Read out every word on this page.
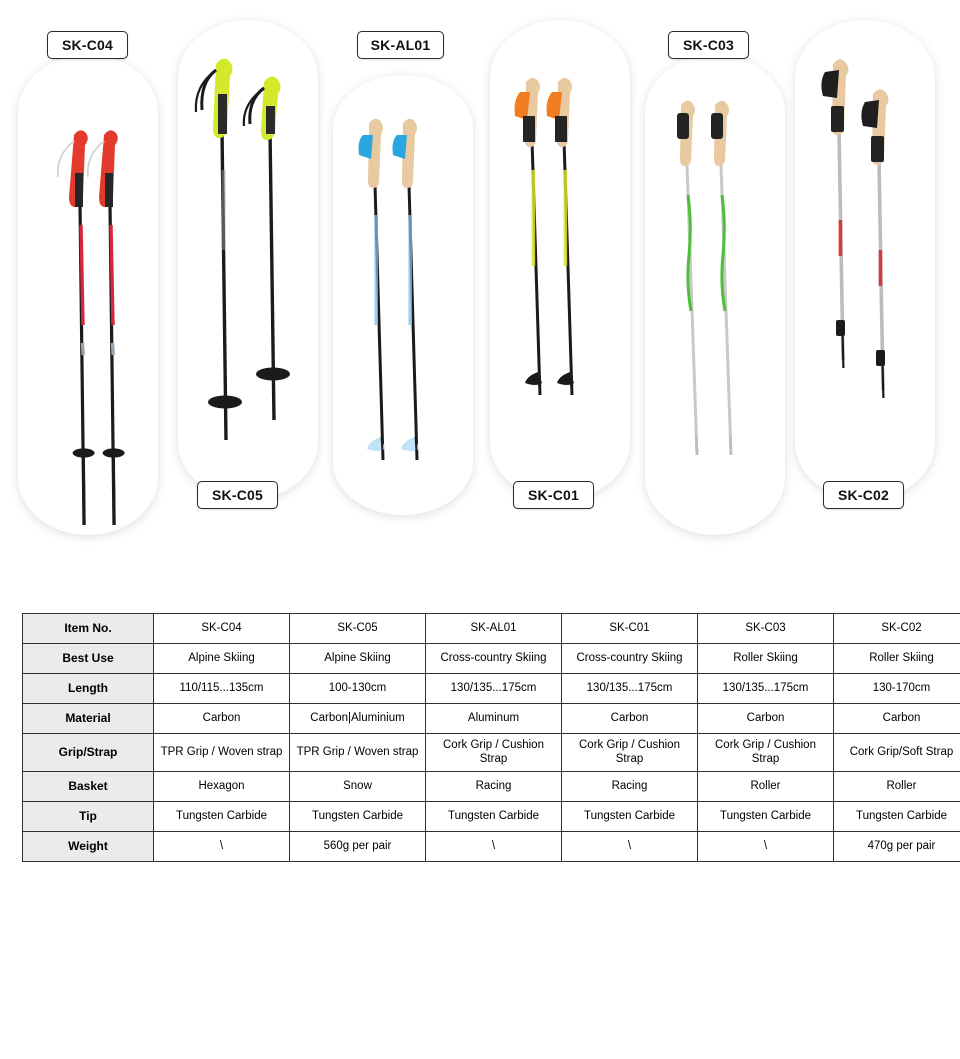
SK-C04
SK-C05
SK-AL01
SK-C01
SK-C03
SK-C02
Item No.	SK-C04	SK-C05	SK-AL01	SK-C01	SK-C03	SK-C02
Best Use	Alpine Skiing	Alpine Skiing	Cross-country Skiing	Cross-country Skiing	Roller Skiing	Roller Skiing
Length	110/115...135cm	100-130cm	130/135...175cm	130/135...175cm	130/135...175cm	130-170cm
Material	Carbon	Carbon|Aluminium	Aluminum	Carbon	Carbon	Carbon
Grip/Strap	TPR Grip / Woven strap	TPR Grip / Woven strap	Cork Grip / Cushion Strap	Cork Grip / Cushion Strap	Cork Grip / Cushion Strap	Cork Grip/Soft Strap
Basket	Hexagon	Snow	Racing	Racing	Roller	Roller
Tip	Tungsten Carbide	Tungsten Carbide	Tungsten Carbide	Tungsten Carbide	Tungsten Carbide	Tungsten Carbide
Weight	\	560g per pair	\	\	\	470g per pair
